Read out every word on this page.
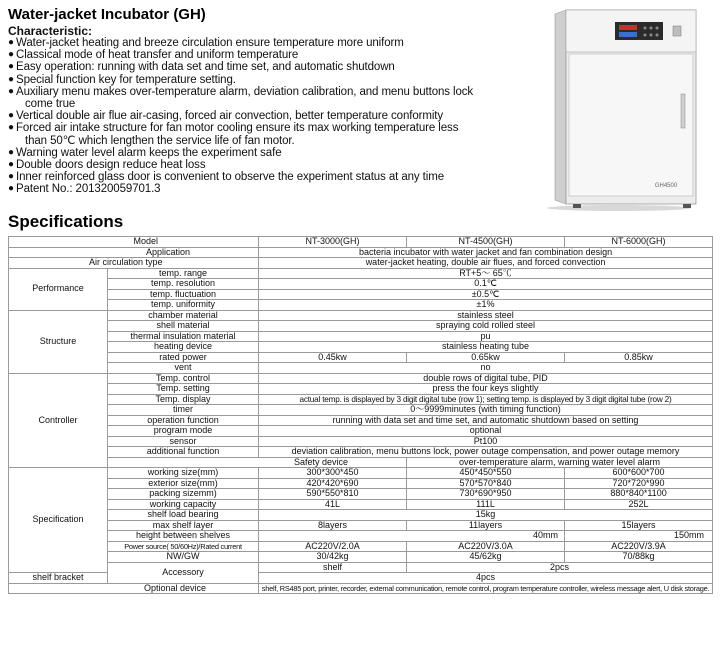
Water-jacket Incubator (GH)
Characteristic:
● Water-jacket heating and breeze circulation ensure temperature more uniform
● Classical mode of heat transfer and uniform temperature
● Easy operation: running with data set and time set, and automatic shutdown
● Special function key for temperature setting.
● Auxiliary menu makes over-temperature alarm, deviation calibration, and menu buttons lock
come true
● Vertical double air flue air-casing, forced air convection, better temperature conformity
● Forced air intake structure for fan motor cooling ensure its max working temperature less
than 50℃ which lengthen the service life of fan motor.
● Warning water level alarm keeps the experiment safe
● Double doors design reduce heat loss
● Inner reinforced glass door is convenient to observe the experiment status at any time
● Patent No.: 201320059701.3	GH4500
Specifications
Model		NT-3000(GH)	NT-4500(GH)	NT-6000(GH)
Application		bacteria incubator with water jacket and fan combination design		
Air circulation type		water-jacket heating, double air flues, and forced convection		
Performance	temp. range	RT+5～ 65℃		
	temp. resolution	0.1℃		
	temp. fluctuation	±0.5℃		
	temp. uniformity	±1%		
Structure	chamber material	stainless steel		
	shell material	spraying cold rolled steel		
	thermal insulation material	pu		
	heating device	stainless heating tube		
	rated power	0.45kw	0.65kw	0.85kw
	vent	no		
Controller	Temp. control	double rows of digital tube, PID		
	Temp. setting	press the four keys slightly		
	Temp. display	actual temp. is displayed by 3 digit digital tube (row 1); setting temp. is displayed by 3 digit digital tube (row 2)		
	timer	0～9999minutes (with timing function)		
	operation function	running with data set and time set, and automatic shutdown based on setting		
	program mode	optional		
	sensor	Pt100		
	additional function	deviation calibration, menu buttons lock, power outage compensation, and power outage memory		
	Safety device		over-temperature alarm, warning water level alarm	
Specification	working size(mm)	300*300*450	450*450*550	600*600*700
	exterior size(mm)	420*420*690	570*570*840	720*720*990
	packing sizemm)	590*550*810	730*690*950	880*840*1100
	working capacity	41L	111L	252L
	shelf load bearing	15kg		
	max shelf layer	8layers	11layers	15layers
	height between shelves	40mm		150mm
	Power source( 50/60Hz)/Rated current	AC220V/2.0A	AC220V/3.0A	AC220V/3.9A
	NW/GW	30/42kg	45/62kg	70/88kg
	Accessory	shelf	2pcs	
shelf bracket		4pcs		
Optional device		shelf, RS485 port, printer, recorder, external communication, remote control, program temperature controller, wireless message alert, U disk storage.		
